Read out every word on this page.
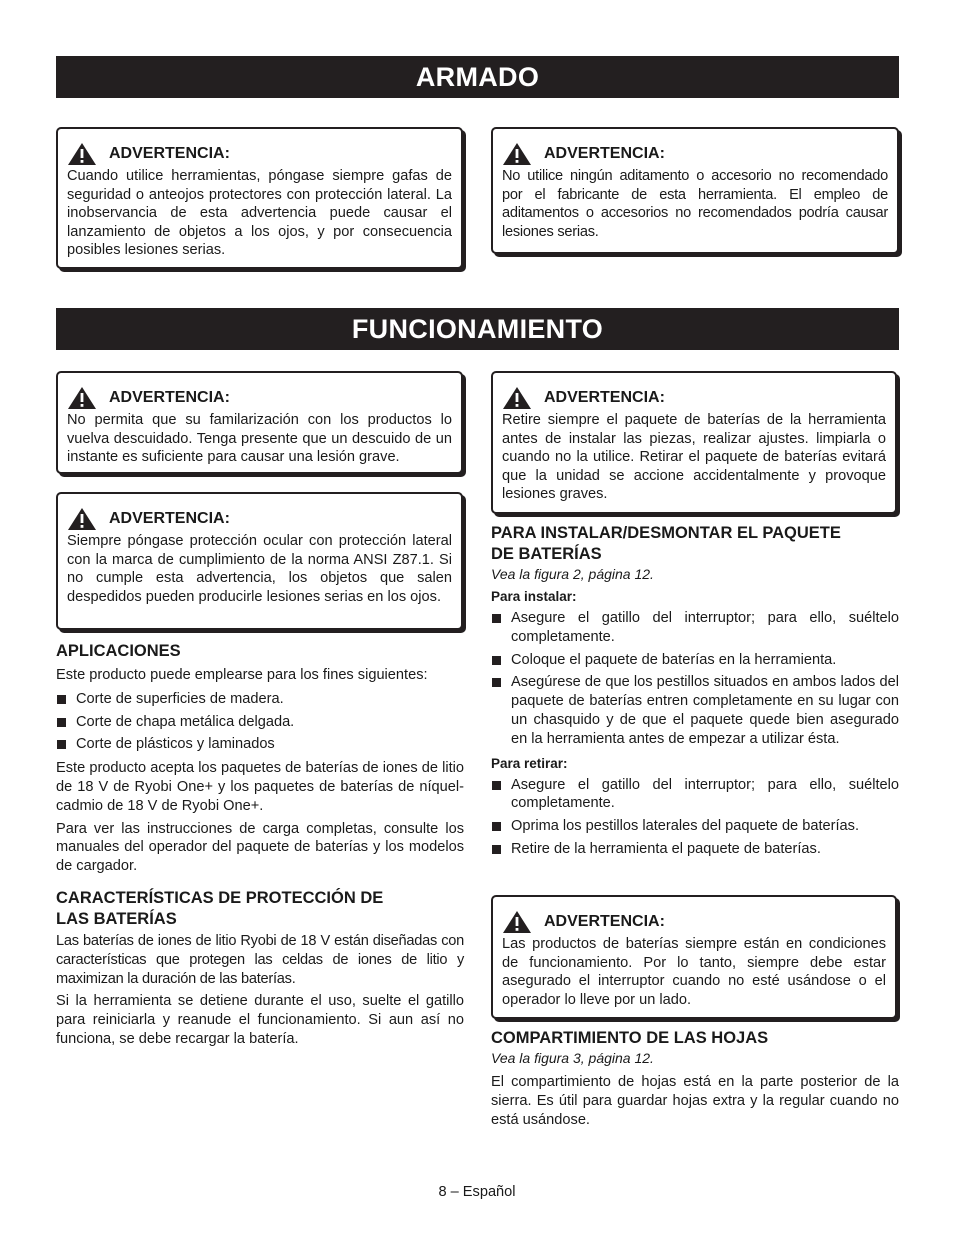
ARMADO
ADVERTENCIA:
Cuando utilice herramientas, póngase siempre gafas de seguridad o anteojos protectores con protección lateral. La inobservancia de esta advertencia puede causar el lanzamiento de objetos a los ojos, y por consecuencia posibles lesiones serias.
ADVERTENCIA:
No utilice ningún aditamento o accesorio no recomendado por el fabricante de esta herramienta. El empleo de aditamentos o accesorios no recomendados podría causar lesiones serias.
FUNCIONAMIENTO
ADVERTENCIA:
No permita que su familarización con los productos lo vuelva descuidado. Tenga presente que un descuido de un instante es suficiente para causar una lesión grave.
ADVERTENCIA:
Siempre póngase protección ocular con protección lateral con la marca de cumplimiento de la norma ANSI Z87.1. Si no cumple esta advertencia, los objetos que salen despedidos pueden producirle lesiones serias en los ojos.
APLICACIONES

Este producto puede emplearse para los fines siguientes:

Corte de superficies de madera.
Corte de chapa metálica delgada.
Corte de plásticos y laminados

Este producto acepta los paquetes de baterías de iones de litio de 18 V de Ryobi One+ y los paquetes de baterías de níquel-cadmio de 18 V de Ryobi One+.

Para ver las instrucciones de carga completas, consulte los manuales del operador del paquete de baterías y los modelos de cargador.

CARACTERÍSTICAS DE PROTECCIÓN DE
LAS BATERÍAS

Las baterías de iones de litio Ryobi de 18 V están diseñadas con características que protegen las celdas de iones de litio y maximizan la duración de las baterías.

Si la herramienta se detiene durante el uso, suelte el gatillo para reiniciarla y reanude el funcionamiento. Si aun así no funciona, se debe recargar la batería.

ADVERTENCIA:
Retire siempre el paquete de baterías de la herramienta antes de instalar las piezas, realizar ajustes. limpiarla o cuando no la utilice. Retirar el paquete de baterías evitará que la unidad se accione accidentalmente y provoque lesiones graves.
PARA INSTALAR/DESMONTAR EL PAQUETE
DE BATERÍAS
Vea la figura 2, página 12.
Para instalar:
Asegure el gatillo del interruptor; para ello, suéltelo completamente.
Coloque el paquete de baterías en la herramienta.
Asegúrese de que los pestillos situados en ambos lados del paquete de baterías entren completamente en su lugar con un chasquido y de que el paquete quede bien asegurado en la herramienta antes de empezar a utilizar ésta.
Para retirar:
Asegure el gatillo del interruptor; para ello, suéltelo completamente.
Oprima los pestillos laterales del paquete de baterías.
Retire de la herramienta el paquete de baterías.
ADVERTENCIA:
Las productos de baterías siempre están en condiciones de funcionamiento. Por lo tanto, siempre debe estar asegurado el interruptor cuando no esté usándose o el operador lo lleve por un lado.
COMPARTIMIENTO DE LAS HOJAS
Vea la figura 3, página 12.

El compartimiento de hojas está en la parte posterior de la sierra. Es útil para guardar hojas extra y la regular cuando no está usándose.

8 – Español
